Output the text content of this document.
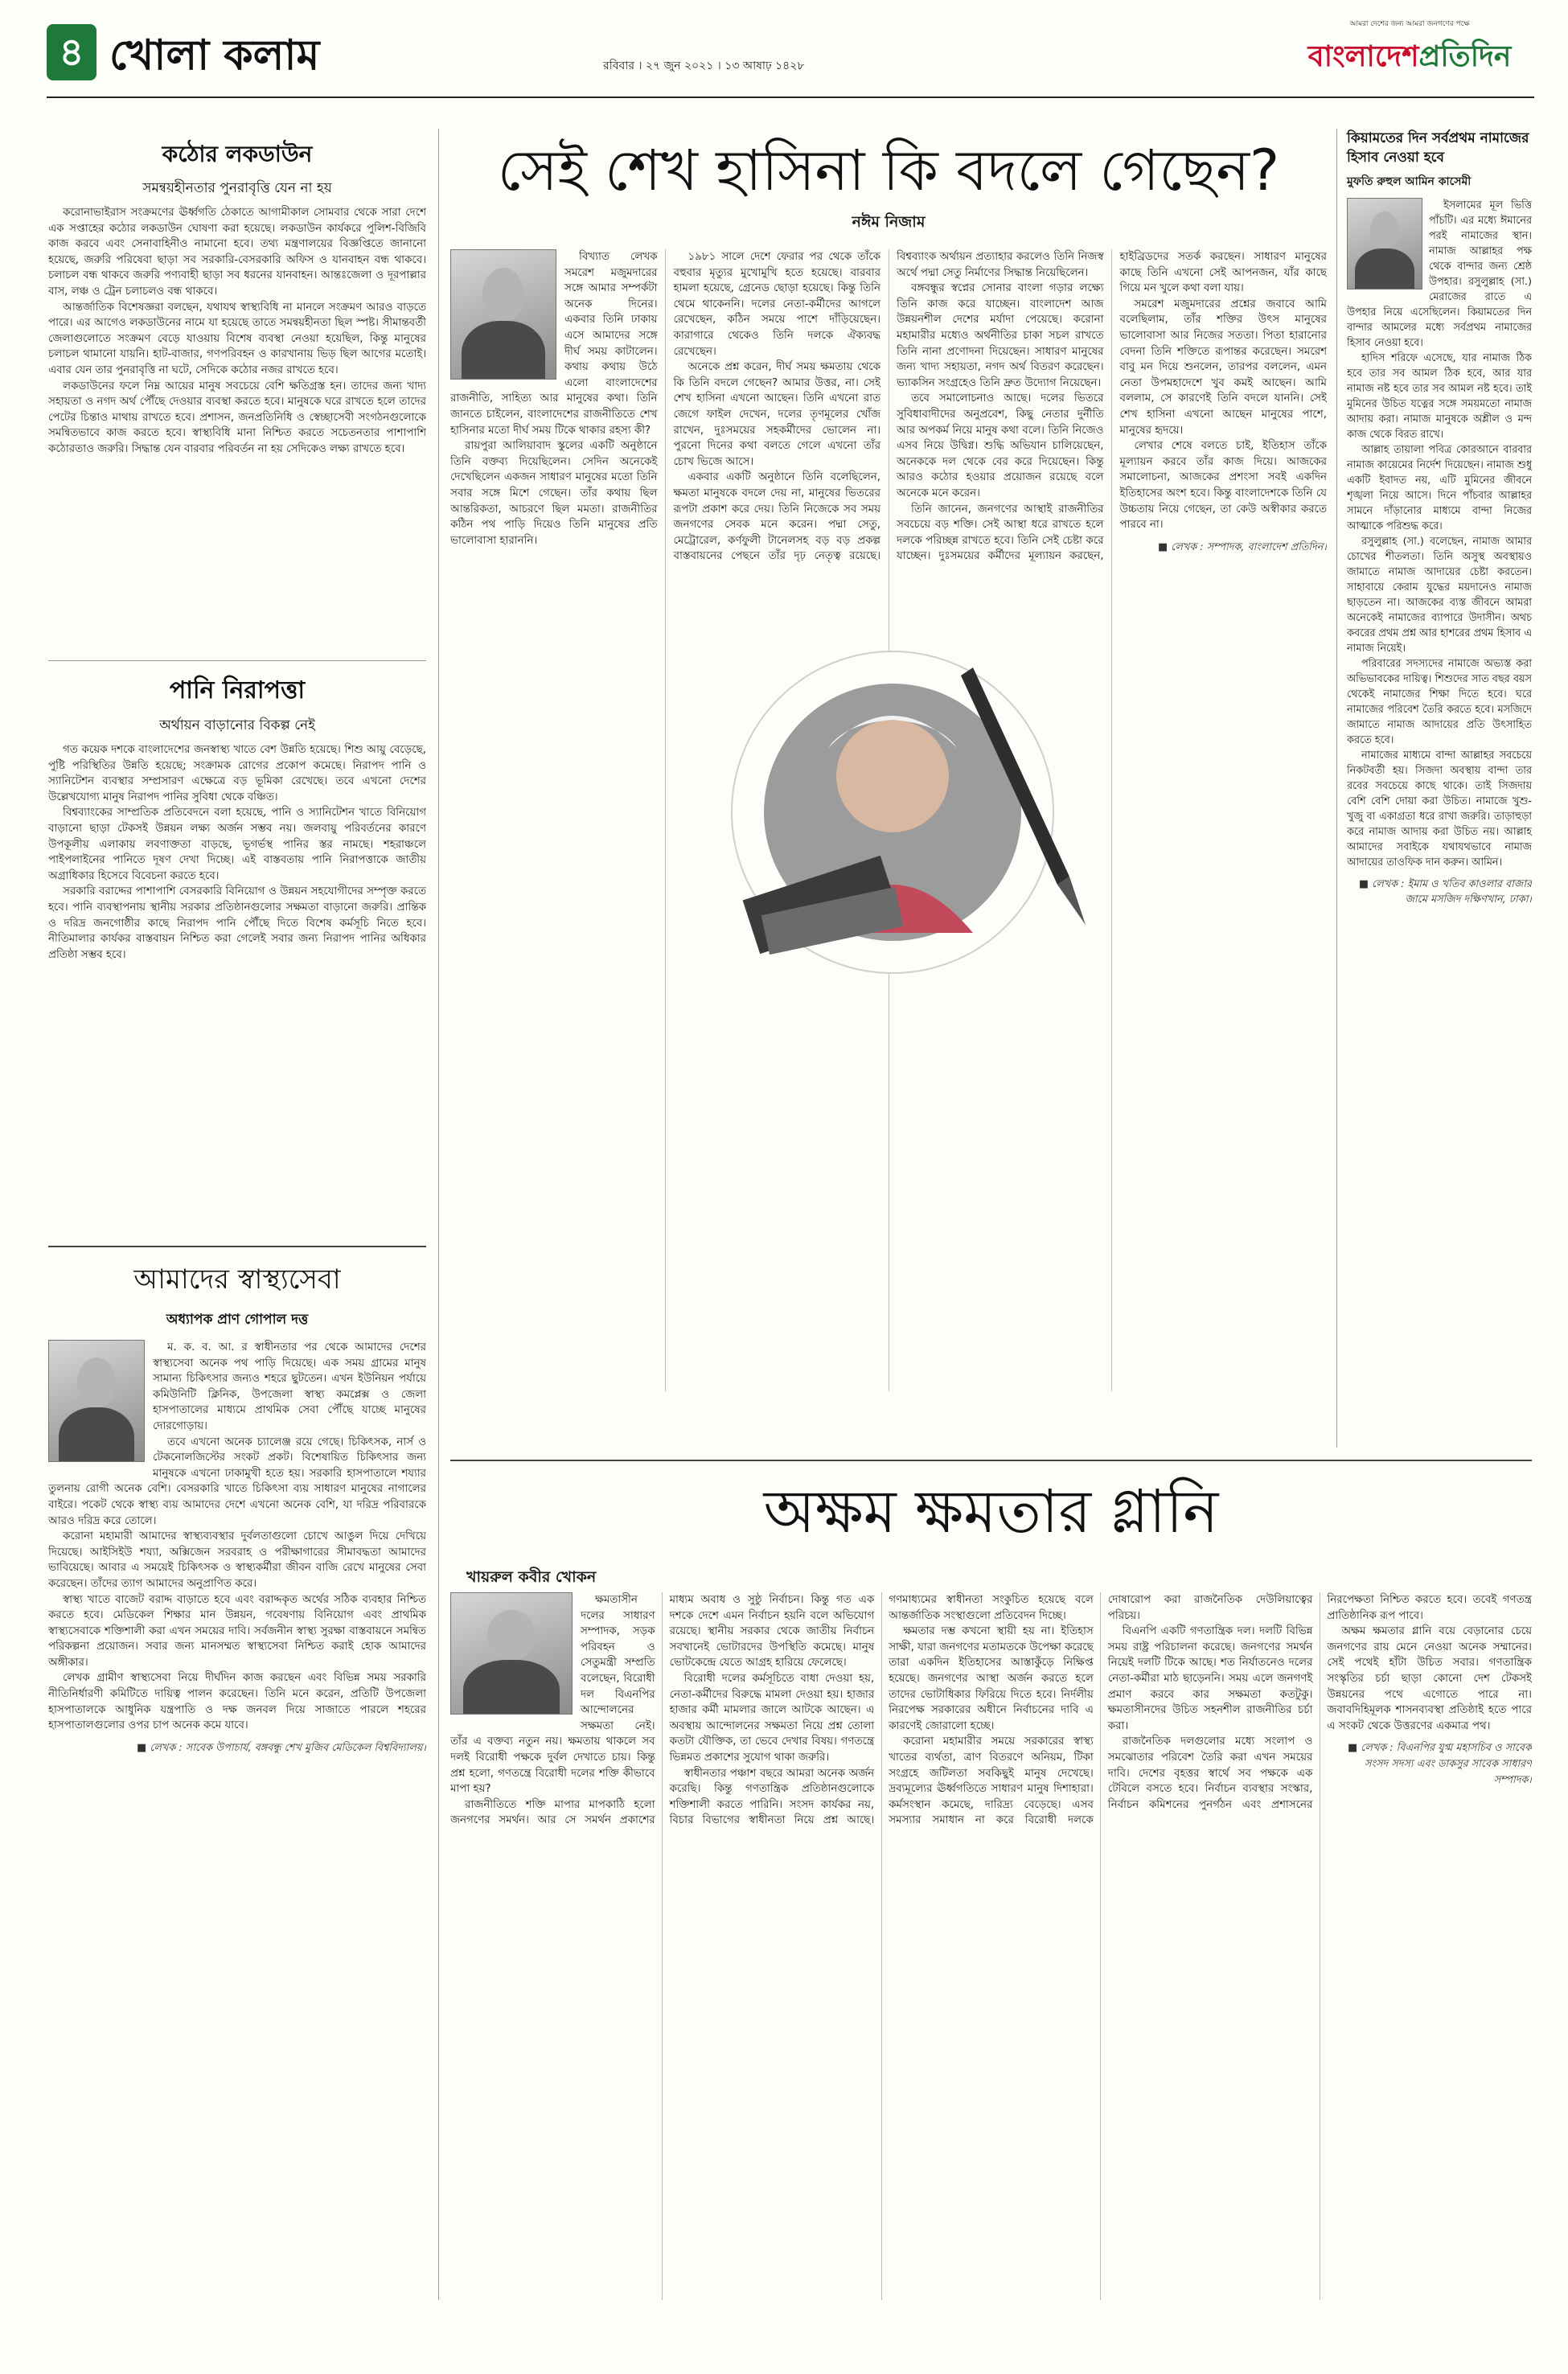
৪ খোলা কলাম	রবিবার । ২৭ জুন ২০২১ । ১৩ আষাঢ় ১৪২৮
আমরা দেশের জন্য আমরা জনগণের পক্ষে
বাংলাদেশপ্রতিদিন
কঠোর লকডাউন
সমন্বয়হীনতার পুনরাবৃত্তি যেন না হয়

করোনাভাইরাস সংক্রমণের ঊর্ধ্বগতি ঠেকাতে আগামীকাল সোমবার থেকে সারা দেশে এক সপ্তাহের কঠোর লকডাউন ঘোষণা করা হয়েছে। লকডাউন কার্যকরে পুলিশ-বিজিবি কাজ করবে এবং সেনাবাহিনীও নামানো হবে। তথ্য মন্ত্রণালয়ের বিজ্ঞপ্তিতে জানানো হয়েছে, জরুরি পরিষেবা ছাড়া সব সরকারি-বেসরকারি অফিস ও যানবাহন বন্ধ থাকবে। চলাচল বন্ধ থাকবে জরুরি পণ্যবাহী ছাড়া সব ধরনের যানবাহন। আন্তঃজেলা ও দূরপাল্লার বাস, লঞ্চ ও ট্রেন চলাচলও বন্ধ থাকবে।

আন্তর্জাতিক বিশেষজ্ঞরা বলছেন, যথাযথ স্বাস্থ্যবিধি না মানলে সংক্রমণ আরও বাড়তে পারে। এর আগেও লকডাউনের নামে যা হয়েছে তাতে সমন্বয়হীনতা ছিল স্পষ্ট। সীমান্তবর্তী জেলাগুলোতে সংক্রমণ বেড়ে যাওয়ায় বিশেষ ব্যবস্থা নেওয়া হয়েছিল, কিন্তু মানুষের চলাচল থামানো যায়নি। হাট-বাজার, গণপরিবহন ও কারখানায় ভিড় ছিল আগের মতোই। এবার যেন তার পুনরাবৃত্তি না ঘটে, সেদিকে কঠোর নজর রাখতে হবে।

লকডাউনের ফলে নিম্ন আয়ের মানুষ সবচেয়ে বেশি ক্ষতিগ্রস্ত হন। তাদের জন্য খাদ্য সহায়তা ও নগদ অর্থ পৌঁছে দেওয়ার ব্যবস্থা করতে হবে। মানুষকে ঘরে রাখতে হলে তাদের পেটের চিন্তাও মাথায় রাখতে হবে। প্রশাসন, জনপ্রতিনিধি ও স্বেচ্ছাসেবী সংগঠনগুলোকে সমন্বিতভাবে কাজ করতে হবে। স্বাস্থ্যবিধি মানা নিশ্চিত করতে সচেতনতার পাশাপাশি কঠোরতাও জরুরি। সিদ্ধান্ত যেন বারবার পরিবর্তন না হয় সেদিকেও লক্ষ্য রাখতে হবে।

পানি নিরাপত্তা
অর্থায়ন বাড়ানোর বিকল্প নেই

গত কয়েক দশকে বাংলাদেশের জনস্বাস্থ্য খাতে বেশ উন্নতি হয়েছে। শিশু আয়ু বেড়েছে, পুষ্টি পরিস্থিতির উন্নতি হয়েছে; সংক্রামক রোগের প্রকোপ কমেছে। নিরাপদ পানি ও স্যানিটেশন ব্যবস্থার সম্প্রসারণ এক্ষেত্রে বড় ভূমিকা রেখেছে। তবে এখনো দেশের উল্লেখযোগ্য মানুষ নিরাপদ পানির সুবিধা থেকে বঞ্চিত।

বিশ্বব্যাংকের সাম্প্রতিক প্রতিবেদনে বলা হয়েছে, পানি ও স্যানিটেশন খাতে বিনিয়োগ বাড়ানো ছাড়া টেকসই উন্নয়ন লক্ষ্য অর্জন সম্ভব নয়। জলবায়ু পরিবর্তনের কারণে উপকূলীয় এলাকায় লবণাক্ততা বাড়ছে, ভূগর্ভস্থ পানির স্তর নামছে। শহরাঞ্চলে পাইপলাইনের পানিতে দূষণ দেখা দিচ্ছে। এই বাস্তবতায় পানি নিরাপত্তাকে জাতীয় অগ্রাধিকার হিসেবে বিবেচনা করতে হবে।

সরকারি বরাদ্দের পাশাপাশি বেসরকারি বিনিয়োগ ও উন্নয়ন সহযোগীদের সম্পৃক্ত করতে হবে। পানি ব্যবস্থাপনায় স্থানীয় সরকার প্রতিষ্ঠানগুলোর সক্ষমতা বাড়ানো জরুরি। প্রান্তিক ও দরিদ্র জনগোষ্ঠীর কাছে নিরাপদ পানি পৌঁছে দিতে বিশেষ কর্মসূচি নিতে হবে। নীতিমালার কার্যকর বাস্তবায়ন নিশ্চিত করা গেলেই সবার জন্য নিরাপদ পানির অধিকার প্রতিষ্ঠা সম্ভব হবে।

আমাদের স্বাস্থ্যসেবা
অধ্যাপক প্রাণ গোপাল দত্ত

ম. ক. ব. আ. র স্বাধীনতার পর থেকে আমাদের দেশের স্বাস্থ্যসেবা অনেক পথ পাড়ি দিয়েছে। এক সময় গ্রামের মানুষ সামান্য চিকিৎসার জন্যও শহরে ছুটতেন। এখন ইউনিয়ন পর্যায়ে কমিউনিটি ক্লিনিক, উপজেলা স্বাস্থ্য কমপ্লেক্স ও জেলা হাসপাতালের মাধ্যমে প্রাথমিক সেবা পৌঁছে যাচ্ছে মানুষের দোরগোড়ায়।

তবে এখনো অনেক চ্যালেঞ্জ রয়ে গেছে। চিকিৎসক, নার্স ও টেকনোলজিস্টের সংকট প্রকট। বিশেষায়িত চিকিৎসার জন্য মানুষকে এখনো ঢাকামুখী হতে হয়। সরকারি হাসপাতালে শয্যার তুলনায় রোগী অনেক বেশি। বেসরকারি খাতে চিকিৎসা ব্যয় সাধারণ মানুষের নাগালের বাইরে। পকেট থেকে স্বাস্থ্য ব্যয় আমাদের দেশে এখনো অনেক বেশি, যা দরিদ্র পরিবারকে আরও দরিদ্র করে তোলে।

করোনা মহামারী আমাদের স্বাস্থ্যব্যবস্থার দুর্বলতাগুলো চোখে আঙুল দিয়ে দেখিয়ে দিয়েছে। আইসিইউ শয্যা, অক্সিজেন সরবরাহ ও পরীক্ষাগারের সীমাবদ্ধতা আমাদের ভাবিয়েছে। আবার এ সময়েই চিকিৎসক ও স্বাস্থ্যকর্মীরা জীবন বাজি রেখে মানুষের সেবা করেছেন। তাঁদের ত্যাগ আমাদের অনুপ্রাণিত করে।

স্বাস্থ্য খাতে বাজেট বরাদ্দ বাড়াতে হবে এবং বরাদ্দকৃত অর্থের সঠিক ব্যবহার নিশ্চিত করতে হবে। মেডিকেল শিক্ষার মান উন্নয়ন, গবেষণায় বিনিয়োগ এবং প্রাথমিক স্বাস্থ্যসেবাকে শক্তিশালী করা এখন সময়ের দাবি। সর্বজনীন স্বাস্থ্য সুরক্ষা বাস্তবায়নে সমন্বিত পরিকল্পনা প্রয়োজন। সবার জন্য মানসম্মত স্বাস্থ্যসেবা নিশ্চিত করাই হোক আমাদের অঙ্গীকার।

লেখক গ্রামীণ স্বাস্থ্যসেবা নিয়ে দীর্ঘদিন কাজ করছেন এবং বিভিন্ন সময় সরকারি নীতিনির্ধারণী কমিটিতে দায়িত্ব পালন করেছেন। তিনি মনে করেন, প্রতিটি উপজেলা হাসপাতালকে আধুনিক যন্ত্রপাতি ও দক্ষ জনবল দিয়ে সাজাতে পারলে শহরের হাসপাতালগুলোর ওপর চাপ অনেক কমে যাবে।

■ লেখক : সাবেক উপাচার্য, বঙ্গবন্ধু শেখ মুজিব মেডিকেল বিশ্ববিদ্যালয়।
সেই শেখ হাসিনা কি বদলে গেছেন?
নঈম নিজাম

বিখ্যাত লেখক সমরেশ মজুমদারের সঙ্গে আমার সম্পর্কটা অনেক দিনের। একবার তিনি ঢাকায় এসে আমাদের সঙ্গে দীর্ঘ সময় কাটালেন। কথায় কথায় উঠে এলো বাংলাদেশের রাজনীতি, সাহিত্য আর মানুষের কথা। তিনি জানতে চাইলেন, বাংলাদেশের রাজনীতিতে শেখ হাসিনার মতো দীর্ঘ সময় টিকে থাকার রহস্য কী?

রায়পুরা আলিয়াবাদ স্কুলের একটি অনুষ্ঠানে তিনি বক্তব্য দিয়েছিলেন। সেদিন অনেকেই দেখেছিলেন একজন সাধারণ মানুষের মতো তিনি সবার সঙ্গে মিশে গেছেন। তাঁর কথায় ছিল আন্তরিকতা, আচরণে ছিল মমতা। রাজনীতির কঠিন পথ পাড়ি দিয়েও তিনি মানুষের প্রতি ভালোবাসা হারাননি।

১৯৮১ সালে দেশে ফেরার পর থেকে তাঁকে বহুবার মৃত্যুর মুখোমুখি হতে হয়েছে। বারবার হামলা হয়েছে, গ্রেনেড ছোড়া হয়েছে। কিন্তু তিনি থেমে থাকেননি। দলের নেতা-কর্মীদের আগলে রেখেছেন, কঠিন সময়ে পাশে দাঁড়িয়েছেন। কারাগারে থেকেও তিনি দলকে ঐক্যবদ্ধ রেখেছেন।

অনেকে প্রশ্ন করেন, দীর্ঘ সময় ক্ষমতায় থেকে কি তিনি বদলে গেছেন? আমার উত্তর, না। সেই শেখ হাসিনা এখনো আছেন। তিনি এখনো রাত জেগে ফাইল দেখেন, দলের তৃণমূলের খোঁজ রাখেন, দুঃসময়ের সহকর্মীদের ভোলেন না। পুরনো দিনের কথা বলতে গেলে এখনো তাঁর চোখ ভিজে আসে।

একবার একটি অনুষ্ঠানে তিনি বলেছিলেন, ক্ষমতা মানুষকে বদলে দেয় না, মানুষের ভিতরের রূপটা প্রকাশ করে দেয়। তিনি নিজেকে সব সময় জনগণের সেবক মনে করেন। পদ্মা সেতু, মেট্রোরেল, কর্ণফুলী টানেলসহ বড় বড় প্রকল্প বাস্তবায়নের পেছনে তাঁর দৃঢ় নেতৃত্ব রয়েছে। বিশ্বব্যাংক অর্থায়ন প্রত্যাহার করলেও তিনি নিজস্ব অর্থে পদ্মা সেতু নির্মাণের সিদ্ধান্ত নিয়েছিলেন।

বঙ্গবন্ধুর স্বপ্নের সোনার বাংলা গড়ার লক্ষ্যে তিনি কাজ করে যাচ্ছেন। বাংলাদেশ আজ উন্নয়নশীল দেশের মর্যাদা পেয়েছে। করোনা মহামারীর মধ্যেও অর্থনীতির চাকা সচল রাখতে তিনি নানা প্রণোদনা দিয়েছেন। সাধারণ মানুষের জন্য খাদ্য সহায়তা, নগদ অর্থ বিতরণ করেছেন। ভ্যাকসিন সংগ্রহেও তিনি দ্রুত উদ্যোগ নিয়েছেন।

তবে সমালোচনাও আছে। দলের ভিতরে সুবিধাবাদীদের অনুপ্রবেশ, কিছু নেতার দুর্নীতি আর অপকর্ম নিয়ে মানুষ কথা বলে। তিনি নিজেও এসব নিয়ে উদ্বিগ্ন। শুদ্ধি অভিযান চালিয়েছেন, অনেককে দল থেকে বের করে দিয়েছেন। কিন্তু আরও কঠোর হওয়ার প্রয়োজন রয়েছে বলে অনেকে মনে করেন।

তিনি জানেন, জনগণের আস্থাই রাজনীতির সবচেয়ে বড় শক্তি। সেই আস্থা ধরে রাখতে হলে দলকে পরিচ্ছন্ন রাখতে হবে। তিনি সেই চেষ্টা করে যাচ্ছেন। দুঃসময়ের কর্মীদের মূল্যায়ন করছেন, হাইব্রিডদের সতর্ক করছেন। সাধারণ মানুষের কাছে তিনি এখনো সেই আপনজন, যাঁর কাছে গিয়ে মন খুলে কথা বলা যায়।

সমরেশ মজুমদারের প্রশ্নের জবাবে আমি বলেছিলাম, তাঁর শক্তির উৎস মানুষের ভালোবাসা আর নিজের সততা। পিতা হারানোর বেদনা তিনি শক্তিতে রূপান্তর করেছেন। সমরেশ বাবু মন দিয়ে শুনলেন, তারপর বললেন, এমন নেতা উপমহাদেশে খুব কমই আছেন। আমি বললাম, সে কারণেই তিনি বদলে যাননি। সেই শেখ হাসিনা এখনো আছেন মানুষের পাশে, মানুষের হৃদয়ে।

লেখার শেষে বলতে চাই, ইতিহাস তাঁকে মূল্যায়ন করবে তাঁর কাজ দিয়ে। আজকের সমালোচনা, আজকের প্রশংসা সবই একদিন ইতিহাসের অংশ হবে। কিন্তু বাংলাদেশকে তিনি যে উচ্চতায় নিয়ে গেছেন, তা কেউ অস্বীকার করতে পারবে না।

■ লেখক : সম্পাদক, বাংলাদেশ প্রতিদিন।
কিয়ামতের দিন সর্বপ্রথম নামাজের হিসাব নেওয়া হবে
মুফতি রুহুল আমিন কাসেমী

ইসলামের মূল ভিত্তি পাঁচটি। এর মধ্যে ঈমানের পরই নামাজের স্থান। নামাজ আল্লাহর পক্ষ থেকে বান্দার জন্য শ্রেষ্ঠ উপহার। রসুলুল্লাহ (সা.) মেরাজের রাতে এ উপহার নিয়ে এসেছিলেন। কিয়ামতের দিন বান্দার আমলের মধ্যে সর্বপ্রথম নামাজের হিসাব নেওয়া হবে।

হাদিস শরিফে এসেছে, যার নামাজ ঠিক হবে তার সব আমল ঠিক হবে, আর যার নামাজ নষ্ট হবে তার সব আমল নষ্ট হবে। তাই মুমিনের উচিত যত্নের সঙ্গে সময়মতো নামাজ আদায় করা। নামাজ মানুষকে অশ্লীল ও মন্দ কাজ থেকে বিরত রাখে।

আল্লাহ তায়ালা পবিত্র কোরআনে বারবার নামাজ কায়েমের নির্দেশ দিয়েছেন। নামাজ শুধু একটি ইবাদত নয়, এটি মুমিনের জীবনে শৃঙ্খলা নিয়ে আসে। দিনে পাঁচবার আল্লাহর সামনে দাঁড়ানোর মাধ্যমে বান্দা নিজের আত্মাকে পরিশুদ্ধ করে।

রসুলুল্লাহ (সা.) বলেছেন, নামাজ আমার চোখের শীতলতা। তিনি অসুস্থ অবস্থায়ও জামাতে নামাজ আদায়ের চেষ্টা করতেন। সাহাবায়ে কেরাম যুদ্ধের ময়দানেও নামাজ ছাড়তেন না। আজকের ব্যস্ত জীবনে আমরা অনেকেই নামাজের ব্যাপারে উদাসীন। অথচ কবরের প্রথম প্রশ্ন আর হাশরের প্রথম হিসাব এ নামাজ নিয়েই।

পরিবারের সদস্যদের নামাজে অভ্যস্ত করা অভিভাবকের দায়িত্ব। শিশুদের সাত বছর বয়স থেকেই নামাজের শিক্ষা দিতে হবে। ঘরে নামাজের পরিবেশ তৈরি করতে হবে। মসজিদে জামাতে নামাজ আদায়ের প্রতি উৎসাহিত করতে হবে।

নামাজের মাধ্যমে বান্দা আল্লাহর সবচেয়ে নিকটবর্তী হয়। সিজদা অবস্থায় বান্দা তার রবের সবচেয়ে কাছে থাকে। তাই সিজদায় বেশি বেশি দোয়া করা উচিত। নামাজে খুশু-খুজু বা একাগ্রতা ধরে রাখা জরুরি। তাড়াহুড়া করে নামাজ আদায় করা উচিত নয়। আল্লাহ আমাদের সবাইকে যথাযথভাবে নামাজ আদায়ের তাওফিক দান করুন। আমিন।

■ লেখক : ইমাম ও খতিব কাওলার বাজার জামে মসজিদ দক্ষিণখান, ঢাকা।
অক্ষম ক্ষমতার গ্লানি
খায়রুল কবীর খোকন

ক্ষমতাসীন দলের সাধারণ সম্পাদক, সড়ক পরিবহন ও সেতুমন্ত্রী সম্প্রতি বলেছেন, বিরোধী দল বিএনপির আন্দোলনের সক্ষমতা নেই। তাঁর এ বক্তব্য নতুন নয়। ক্ষমতায় থাকলে সব দলই বিরোধী পক্ষকে দুর্বল দেখাতে চায়। কিন্তু প্রশ্ন হলো, গণতন্ত্রে বিরোধী দলের শক্তি কীভাবে মাপা হয়?

রাজনীতিতে শক্তি মাপার মাপকাঠি হলো জনগণের সমর্থন। আর সে সমর্থন প্রকাশের মাধ্যম অবাধ ও সুষ্ঠু নির্বাচন। কিন্তু গত এক দশকে দেশে এমন নির্বাচন হয়নি বলে অভিযোগ রয়েছে। স্থানীয় সরকার থেকে জাতীয় নির্বাচন সবখানেই ভোটারদের উপস্থিতি কমেছে। মানুষ ভোটকেন্দ্রে যেতে আগ্রহ হারিয়ে ফেলেছে।

বিরোধী দলের কর্মসূচিতে বাধা দেওয়া হয়, নেতা-কর্মীদের বিরুদ্ধে মামলা দেওয়া হয়। হাজার হাজার কর্মী মামলার জালে আটকে আছেন। এ অবস্থায় আন্দোলনের সক্ষমতা নিয়ে প্রশ্ন তোলা কতটা যৌক্তিক, তা ভেবে দেখার বিষয়। গণতন্ত্রে ভিন্নমত প্রকাশের সুযোগ থাকা জরুরি।

স্বাধীনতার পঞ্চাশ বছরে আমরা অনেক অর্জন করেছি। কিন্তু গণতান্ত্রিক প্রতিষ্ঠানগুলোকে শক্তিশালী করতে পারিনি। সংসদ কার্যকর নয়, বিচার বিভাগের স্বাধীনতা নিয়ে প্রশ্ন আছে। গণমাধ্যমের স্বাধীনতা সংকুচিত হয়েছে বলে আন্তর্জাতিক সংস্থাগুলো প্রতিবেদন দিচ্ছে।

ক্ষমতার দম্ভ কখনো স্থায়ী হয় না। ইতিহাস সাক্ষী, যারা জনগণের মতামতকে উপেক্ষা করেছে তারা একদিন ইতিহাসের আস্তাকুঁড়ে নিক্ষিপ্ত হয়েছে। জনগণের আস্থা অর্জন করতে হলে তাদের ভোটাধিকার ফিরিয়ে দিতে হবে। নির্দলীয় নিরপেক্ষ সরকারের অধীনে নির্বাচনের দাবি এ কারণেই জোরালো হচ্ছে।

করোনা মহামারীর সময়ে সরকারের স্বাস্থ্য খাতের ব্যর্থতা, ত্রাণ বিতরণে অনিয়ম, টিকা সংগ্রহে জটিলতা সবকিছুই মানুষ দেখেছে। দ্রব্যমূল্যের ঊর্ধ্বগতিতে সাধারণ মানুষ দিশাহারা। কর্মসংস্থান কমেছে, দারিদ্র্য বেড়েছে। এসব সমস্যার সমাধান না করে বিরোধী দলকে দোষারোপ করা রাজনৈতিক দেউলিয়াত্বের পরিচয়।

বিএনপি একটি গণতান্ত্রিক দল। দলটি বিভিন্ন সময় রাষ্ট্র পরিচালনা করেছে। জনগণের সমর্থন নিয়েই দলটি টিকে আছে। শত নির্যাতনেও দলের নেতা-কর্মীরা মাঠ ছাড়েননি। সময় এলে জনগণই প্রমাণ করবে কার সক্ষমতা কতটুকু। ক্ষমতাসীনদের উচিত সহনশীল রাজনীতির চর্চা করা।

রাজনৈতিক দলগুলোর মধ্যে সংলাপ ও সমঝোতার পরিবেশ তৈরি করা এখন সময়ের দাবি। দেশের বৃহত্তর স্বার্থে সব পক্ষকে এক টেবিলে বসতে হবে। নির্বাচন ব্যবস্থার সংস্কার, নির্বাচন কমিশনের পুনর্গঠন এবং প্রশাসনের নিরপেক্ষতা নিশ্চিত করতে হবে। তবেই গণতন্ত্র প্রাতিষ্ঠানিক রূপ পাবে।

অক্ষম ক্ষমতার গ্লানি বয়ে বেড়ানোর চেয়ে জনগণের রায় মেনে নেওয়া অনেক সম্মানের। সেই পথেই হাঁটা উচিত সবার। গণতান্ত্রিক সংস্কৃতির চর্চা ছাড়া কোনো দেশ টেকসই উন্নয়নের পথে এগোতে পারে না। জবাবদিহিমূলক শাসনব্যবস্থা প্রতিষ্ঠাই হতে পারে এ সংকট থেকে উত্তরণের একমাত্র পথ।

■ লেখক : বিএনপির যুগ্ম মহাসচিব ও সাবেক সংসদ সদস্য এবং ডাকসুর সাবেক সাধারণ সম্পাদক।
